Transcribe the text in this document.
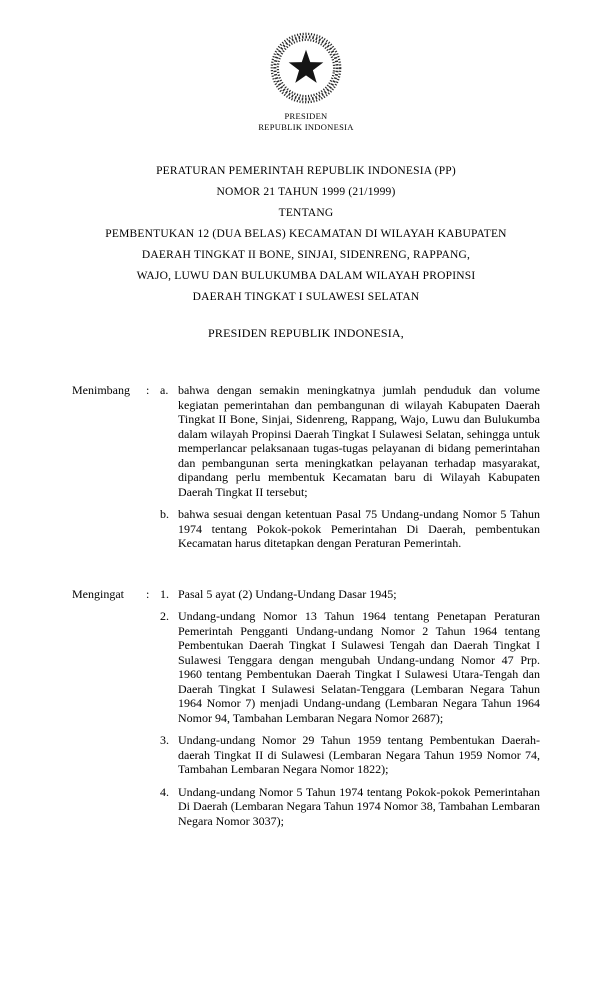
PRESIDEN
REPUBLIK INDONESIA
PERATURAN PEMERINTAH REPUBLIK INDONESIA (PP)
NOMOR 21 TAHUN 1999 (21/1999)
TENTANG
PEMBENTUKAN 12 (DUA BELAS) KECAMATAN DI WILAYAH KABUPATEN
DAERAH TINGKAT II BONE, SINJAI, SIDENRENG, RAPPANG,
WAJO, LUWU DAN BULUKUMBA DALAM WILAYAH PROPINSI
DAERAH TINGKAT I SULAWESI SELATAN
PRESIDEN REPUBLIK INDONESIA,
Menimbang	: a. bahwa dengan semakin meningkatnya jumlah penduduk dan volume kegiatan pemerintahan dan pembangunan di wilayah Kabupaten Daerah Tingkat II Bone, Sinjai, Sidenreng, Rappang, Wajo, Luwu dan Bulukumba dalam wilayah Propinsi Daerah Tingkat I Sulawesi Selatan, sehingga untuk memperlancar pelaksanaan tugas-tugas pelayanan di bidang pemerintahan dan pembangunan serta meningkatkan pelayanan terhadap masyarakat, dipandang perlu membentuk Kecamatan baru di Wilayah Kabupaten Daerah Tingkat II tersebut;
b. bahwa sesuai dengan ketentuan Pasal 75 Undang-undang Nomor 5 Tahun 1974 tentang Pokok-pokok Pemerintahan Di Daerah, pembentukan Kecamatan harus ditetapkan dengan Peraturan Pemerintah.
Mengingat	: 1. Pasal 5 ayat (2) Undang-Undang Dasar 1945;
2. Undang-undang Nomor 13 Tahun 1964 tentang Penetapan Peraturan Pemerintah Pengganti Undang-undang Nomor 2 Tahun 1964 tentang Pembentukan Daerah Tingkat I Sulawesi Tengah dan Daerah Tingkat I Sulawesi Tenggara dengan mengubah Undang-undang Nomor 47 Prp. 1960 tentang Pembentukan Daerah Tingkat I Sulawesi Utara-Tengah dan Daerah Tingkat I Sulawesi Selatan-Tenggara (Lembaran Negara Tahun 1964 Nomor 7) menjadi Undang-undang (Lembaran Negara Tahun 1964 Nomor 94, Tambahan Lembaran Negara Nomor 2687);
3. Undang-undang Nomor 29 Tahun 1959 tentang Pembentukan Daerah-daerah Tingkat II di Sulawesi (Lembaran Negara Tahun 1959 Nomor 74, Tambahan Lembaran Negara Nomor 1822);
4. Undang-undang Nomor 5 Tahun 1974 tentang Pokok-pokok Pemerintahan Di Daerah (Lembaran Negara Tahun 1974 Nomor 38, Tambahan Lembaran Negara Nomor 3037);
